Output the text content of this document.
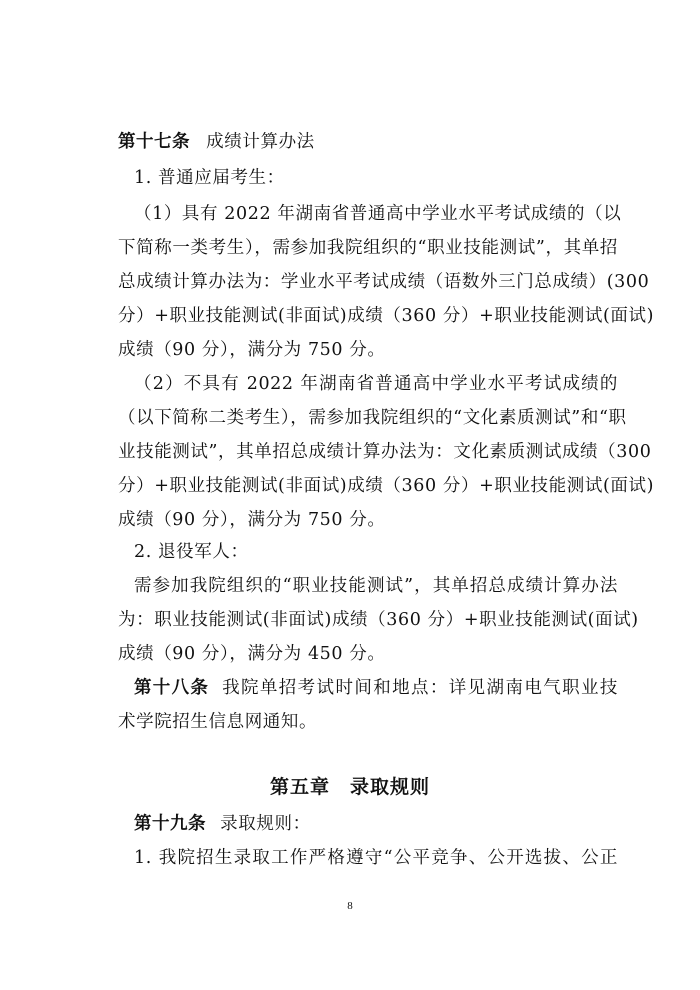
第十七条 成绩计算办法
1. 普通应届考生：
（1）具有 2022 年湖南省普通高中学业水平考试成绩的（以
下简称一类考生），需参加我院组织的“职业技能测试”，其单招
总成绩计算办法为：学业水平考试成绩（语数外三门总成绩）(300
分）+职业技能测试(非面试)成绩（360 分）+职业技能测试(面试)
成绩（90 分），满分为 750 分。
（2）不具有 2022 年湖南省普通高中学业水平考试成绩的
（以下简称二类考生），需参加我院组织的“文化素质测试”和“职
业技能测试”，其单招总成绩计算办法为：文化素质测试成绩（300
分）+职业技能测试(非面试)成绩（360 分）+职业技能测试(面试)
成绩（90 分），满分为 750 分。
2. 退役军人：
需参加我院组织的“职业技能测试”，其单招总成绩计算办法
为：职业技能测试(非面试)成绩（360 分）+职业技能测试(面试)
成绩（90 分），满分为 450 分。
第十八条 我院单招考试时间和地点：详见湖南电气职业技
术学院招生信息网通知。
第五章　录取规则
第十九条 录取规则：
1. 我院招生录取工作严格遵守“公平竞争、公开选拔、公正
8
